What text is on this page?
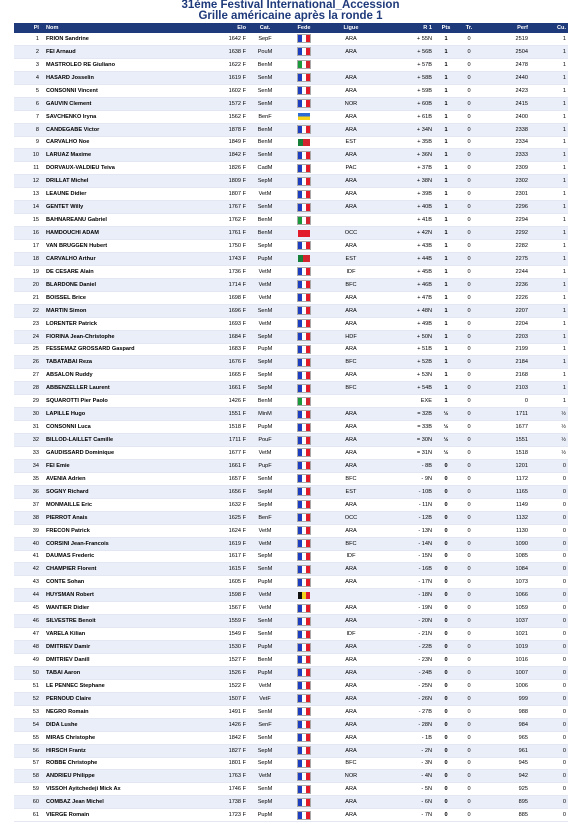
31ème Festival International_Accession
Grille américaine après la ronde 1
Pl	Nom	Elo	Cat.	Fede	Ligue	R 1	Pts	Tr.	Perf	Cu.
1	FRION Sandrine	1642 F	SepF		ARA	+ 55N	1	0	2519	1
2	FEI Arnaud	1638 F	PouM		ARA	+ 56B	1	0	2504	1
3	MASTROLEO RE Giuliano	1622 F	BenM			+ 57B	1	0	2478	1
4	HASARD Josselin	1619 F	SenM		ARA	+ 58B	1	0	2440	1
5	CONSONNI Vincent	1602 F	SenM		ARA	+ 59B	1	0	2423	1
6	GAUVIN Clement	1572 F	SenM		NOR	+ 60B	1	0	2415	1
7	SAVCHENKO Iryna	1562 F	BenF		ARA	+ 61B	1	0	2400	1
8	CANDEGABE Victor	1878 F	BenM		ARA	+ 34N	1	0	2338	1
9	CARVALHO Noe	1849 F	BenM		EST	+ 35B	1	0	2334	1
10	LARUAZ Maxime	1842 F	SenM		ARA	+ 36N	1	0	2333	1
11	DORVAUX-VALDIEU Teiva	1826 F	CadM		PAC	+ 37B	1	0	2309	1
12	DRILLAT Michel	1809 F	SepM		ARA	+ 38N	1	0	2302	1
13	LEAUNE Didier	1807 F	VetM		ARA	+ 39B	1	0	2301	1
14	GENTET Willy	1767 F	SenM		ARA	+ 40B	1	0	2296	1
15	BAHNAREANU Gabriel	1762 F	BenM			+ 41B	1	0	2294	1
16	HAMDOUCHI ADAM	1761 F	BenM		OCC	+ 42N	1	0	2292	1
17	VAN BRUGGEN Hubert	1750 F	SepM		ARA	+ 43B	1	0	2282	1
18	CARVALHO Arthur	1743 F	PupM		EST	+ 44B	1	0	2275	1
19	DE CESARE Alain	1736 F	VetM		IDF	+ 45B	1	0	2244	1
20	BLARDONE Daniel	1714 F	VetM		BFC	+ 46B	1	0	2236	1
21	BOISSEL Brice	1698 F	VetM		ARA	+ 47B	1	0	2226	1
22	MARTIN Simon	1696 F	SenM		ARA	+ 48N	1	0	2207	1
23	LORENTER Patrick	1693 F	VetM		ARA	+ 49B	1	0	2204	1
24	FIORINA Jean-Christophe	1684 F	SepM		HDF	+ 50N	1	0	2203	1
25	FESSEMAZ GROSSARD Gaspard	1683 F	PupM		ARA	+ 51B	1	0	2199	1
26	TABATABAI Reza	1676 F	SepM		BFC	+ 52B	1	0	2184	1
27	ABSALON Ruddy	1665 F	SepM		ARA	+ 53N	1	0	2168	1
28	ABBENZELLER Laurent	1661 F	SepM		BFC	+ 54B	1	0	2103	1
29	SQUAROTTI Pier Paolo	1426 F	BenM			EXE	1	0	0	1
30	LAPILLE Hugo	1551 F	MinM		ARA	= 32B	½	0	1711	½
31	CONSONNI Luca	1518 F	PupM		ARA	= 33B	½	0	1677	½
32	BILLOD-LAILLET Camille	1711 F	PouF		ARA	= 30N	½	0	1551	½
33	GAUDISSARD Dominique	1677 F	VetM		ARA	= 31N	½	0	1518	½
34	FEI Emie	1661 F	PupF		ARA	- 8B	0	0	1201	0
35	AVENIA Adrien	1657 F	SenM		BFC	- 9N	0	0	1172	0
36	SOGNY Richard	1656 F	SepM		EST	- 10B	0	0	1165	0
37	MONMAILLE Eric	1632 F	SepM		ARA	- 11N	0	0	1149	0
38	PIERROT Anais	1625 F	BenF		OCC	- 12B	0	0	1132	0
39	FRECON Patrick	1624 F	VetM		ARA	- 13N	0	0	1130	0
40	CORSINI Jean-Francois	1619 F	VetM		BFC	- 14N	0	0	1090	0
41	DAUMAS Frederic	1617 F	SepM		IDF	- 15N	0	0	1085	0
42	CHAMPIER Florent	1615 F	SenM		ARA	- 16B	0	0	1084	0
43	CONTE Sohan	1605 F	PupM		ARA	- 17N	0	0	1073	0
44	HUYSMAN Robert	1598 F	VetM			- 18N	0	0	1066	0
45	WANTIER Didier	1567 F	VetM		ARA	- 19N	0	0	1059	0
46	SILVESTRE Benoit	1559 F	SenM		ARA	- 20N	0	0	1037	0
47	VARELA Kilian	1549 F	SenM		IDF	- 21N	0	0	1021	0
48	DMITRIEV Damir	1530 F	PupM		ARA	- 22B	0	0	1019	0
49	DMITRIEV Danill	1527 F	BenM		ARA	- 23N	0	0	1016	0
50	TABAI Aaron	1526 F	PupM		ARA	- 24B	0	0	1007	0
51	LE PENNEC Stephane	1522 F	VetM		ARA	- 25N	0	0	1006	0
52	PERNOUD Claire	1507 F	VetF		ARA	- 26N	0	0	999	0
53	NEGRO Romain	1491 F	SenM		ARA	- 27B	0	0	988	0
54	DIDA Lushe	1426 F	SenF		ARA	- 28N	0	0	984	0
55	MIRAS Christophe	1842 F	SenM		ARA	- 1B	0	0	965	0
56	HIRSCH Frantz	1827 F	SepM		ARA	- 2N	0	0	961	0
57	ROBBE Christophe	1801 F	SepM		BFC	- 3N	0	0	945	0
58	ANDRIEU Philippe	1763 F	VetM		NOR	- 4N	0	0	942	0
59	VISSOH Ayitchedeji Mick Ax	1746 F	SenM		ARA	- 5N	0	0	925	0
60	COMBAZ Jean Michel	1738 F	SepM		ARA	- 6N	0	0	895	0
61	VIERGE Romain	1723 F	PupM		ARA	- 7N	0	0	885	0
